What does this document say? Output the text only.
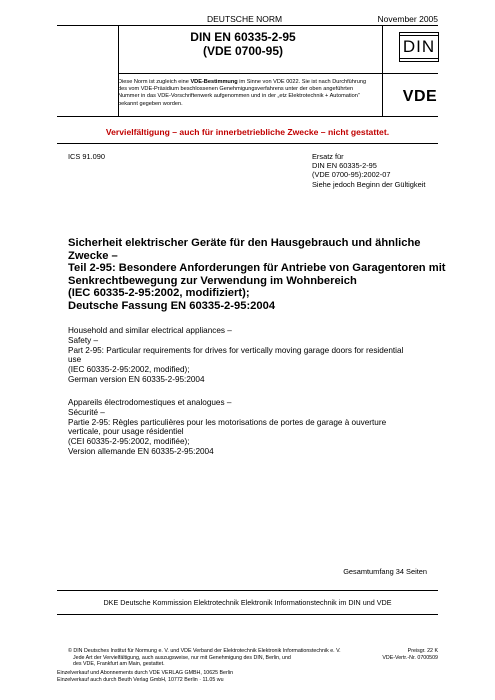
DEUTSCHE NORM	November 2005
DIN EN 60335-2-95
(VDE 0700-95)
Diese Norm ist zugleich eine VDE-Bestimmung im Sinne von VDE 0022. Sie ist nach Durchführung des vom VDE-Präsidium beschlossenen Genehmigungsverfahrens unter der oben angeführten Nummer in das VDE-Vorschriftenwerk aufgenommen und in der „etz Elektrotechnik + Automation“ bekannt gegeben worden.
DIN
VDE
Vervielfältigung – auch für innerbetriebliche Zwecke – nicht gestattet.
ICS 91.090	Ersatz für
DIN EN 60335-2-95
(VDE 0700-95):2002-07
Siehe jedoch Beginn der Gültigkeit
Sicherheit elektrischer Geräte für den Hausgebrauch und ähnliche
Zwecke –
Teil 2-95: Besondere Anforderungen für Antriebe von Garagentoren mit
Senkrechtbewegung zur Verwendung im Wohnbereich
(IEC 60335-2-95:2002, modifiziert);
Deutsche Fassung EN 60335-2-95:2004
Household and similar electrical appliances –
Safety –
Part 2-95: Particular requirements for drives for vertically moving garage doors for residential
use
(IEC 60335-2-95:2002, modified);
German version EN 60335-2-95:2004
Appareils électrodomestiques et analogues –
Sécurité –
Partie 2-95: Règles particulières pour les motorisations de portes de garage à ouverture
verticale, pour usage résidentiel
(CEI 60335-2-95:2002, modifiée);
Version allemande EN 60335-2-95:2004
Gesamtumfang 34 Seiten
DKE Deutsche Kommission Elektrotechnik Elektronik Informationstechnik im DIN und VDE
© DIN Deutsches Institut für Normung e. V. und VDE Verband der Elektrotechnik Elektronik Informationstechnik e. V.
Jede Art der Vervielfältigung, auch auszugsweise, nur mit Genehmigung des DIN, Berlin, und
des VDE, Frankfurt am Main, gestattet.
Preisgr. 22 K
VDE-Vertr.-Nr. 0700509
Einzelverkauf und Abonnements durch VDE VERLAG GMBH, 10625 Berlin
Einzelverkauf auch durch Beuth Verlag GmbH, 10772 Berlin · 11.05 wu
